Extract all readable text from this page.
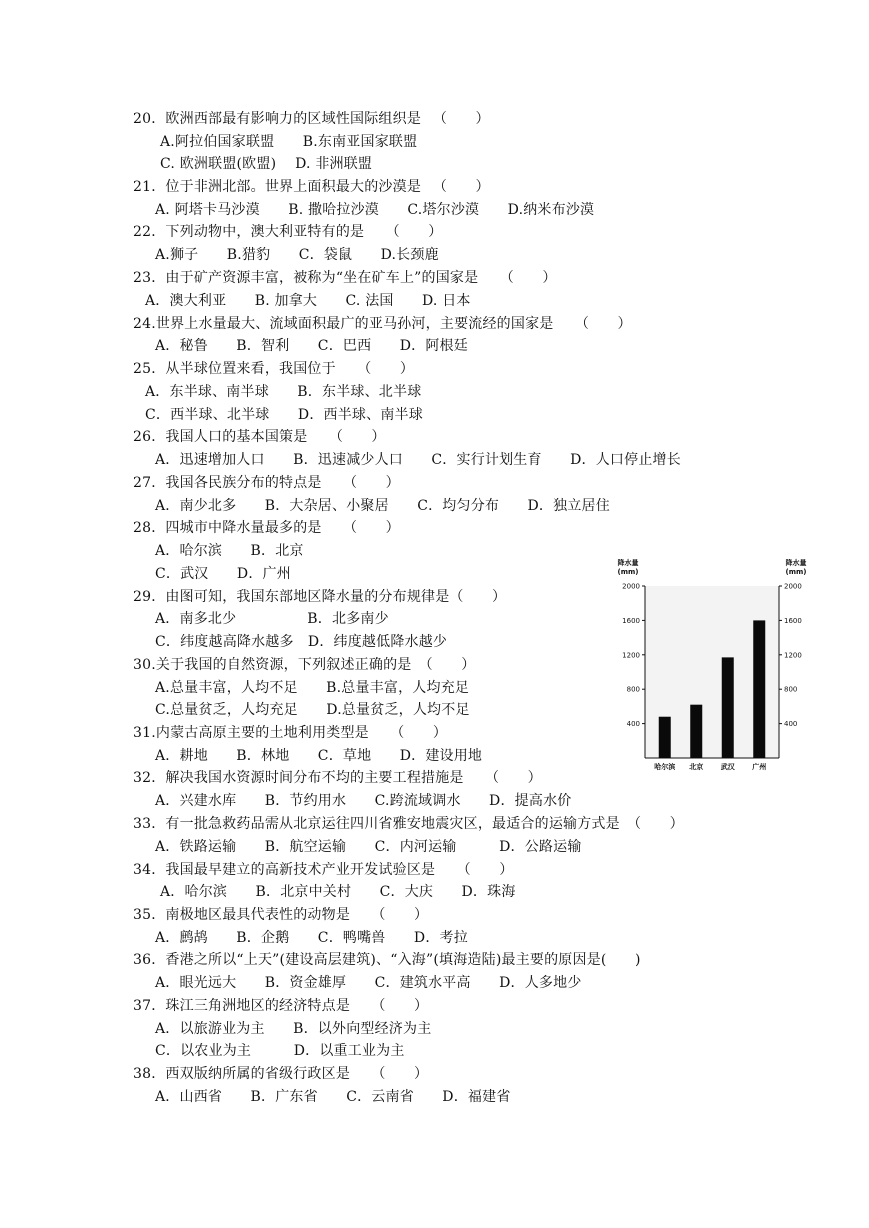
20．欧洲西部最有影响力的区域性国际组织是 　（　　）
A.阿拉伯国家联盟　　B.东南亚国家联盟
C. 欧洲联盟(欧盟)　 D. 非洲联盟
21．位于非洲北部。世界上面积最大的沙漠是 　（　　）
A. 阿塔卡马沙漠　　B. 撒哈拉沙漠　　C.塔尔沙漠　　D.纳米布沙漠
22．下列动物中，澳大利亚特有的是　　（　　）
A.狮子　　B.猎豹　　C．袋鼠　　D.长颈鹿
23．由于矿产资源丰富，被称为“坐在矿车上”的国家是　　（　　）
A．澳大利亚　　B. 加拿大　　C. 法国　　D. 日本
24.世界上水量最大、流域面积最广的亚马孙河，主要流经的国家是　　（　　）
A．秘鲁　　B．智利　　C．巴西　　D．阿根廷
25．从半球位置来看，我国位于　　（　　）
A．东半球、南半球　　B．东半球、北半球
C．西半球、北半球　　D．西半球、南半球
26．我国人口的基本国策是　　（　　）
A．迅速增加人口　　B．迅速减少人口　　C．实行计划生育　　D．人口停止增长
27．我国各民族分布的特点是　　（　　）
A．南少北多　　B．大杂居、小聚居　　C．均匀分布　　D．独立居住
28．四城市中降水量最多的是　　（　　）
A．哈尔滨　　B．北京
C．武汉　　D．广州
29．由图可知，我国东部地区降水量的分布规律是（　　）
A．南多北少　　　　　B．北多南少
C．纬度越高降水越多　D．纬度越低降水越少
30.关于我国的自然资源，下列叙述正确的是　（　　）
A.总量丰富，人均不足　　B.总量丰富，人均充足
C.总量贫乏，人均充足　　D.总量贫乏，人均不足
31.内蒙古高原主要的土地利用类型是　　（　　）
A．耕地　　B．林地　　C．草地　　D．建设用地
32．解决我国水资源时间分布不均的主要工程措施是　　（　　）
A．兴建水库　　B．节约用水　　C.跨流域调水　　D．提高水价
33．有一批急救药品需从北京运往四川省雅安地震灾区，最适合的运输方式是　（　　）
A．铁路运输　　B．航空运输　　C．内河运输　　　D．公路运输
34．我国最早建立的高新技术产业开发试验区是　　（　　）
A．哈尔滨　　B．北京中关村　　C．大庆　　D．珠海
35．南极地区最具代表性的动物是　　（　　）
A．鹧鸪　　B．企鹅　　C．鸭嘴兽　　D．考拉
36．香港之所以“上天”(建设高层建筑)、“入海”(填海造陆)最主要的原因是(　　)
A．眼光远大　　B．资金雄厚　　C．建筑水平高　　D．人多地少
37．珠江三角洲地区的经济特点是　　（　　）
A．以旅游业为主　　B．以外向型经济为主
C．以农业为主　　　D．以重工业为主
38．西双版纳所属的省级行政区是　　（　　）
A．山西省　　B．广东省　　C．云南省　　D．福建省
400	400
800	800
1200	1200
1600	1600
2000	2000
哈尔滨 北京	武汉	广州
降水量
(mm)
降水量
(mm)
